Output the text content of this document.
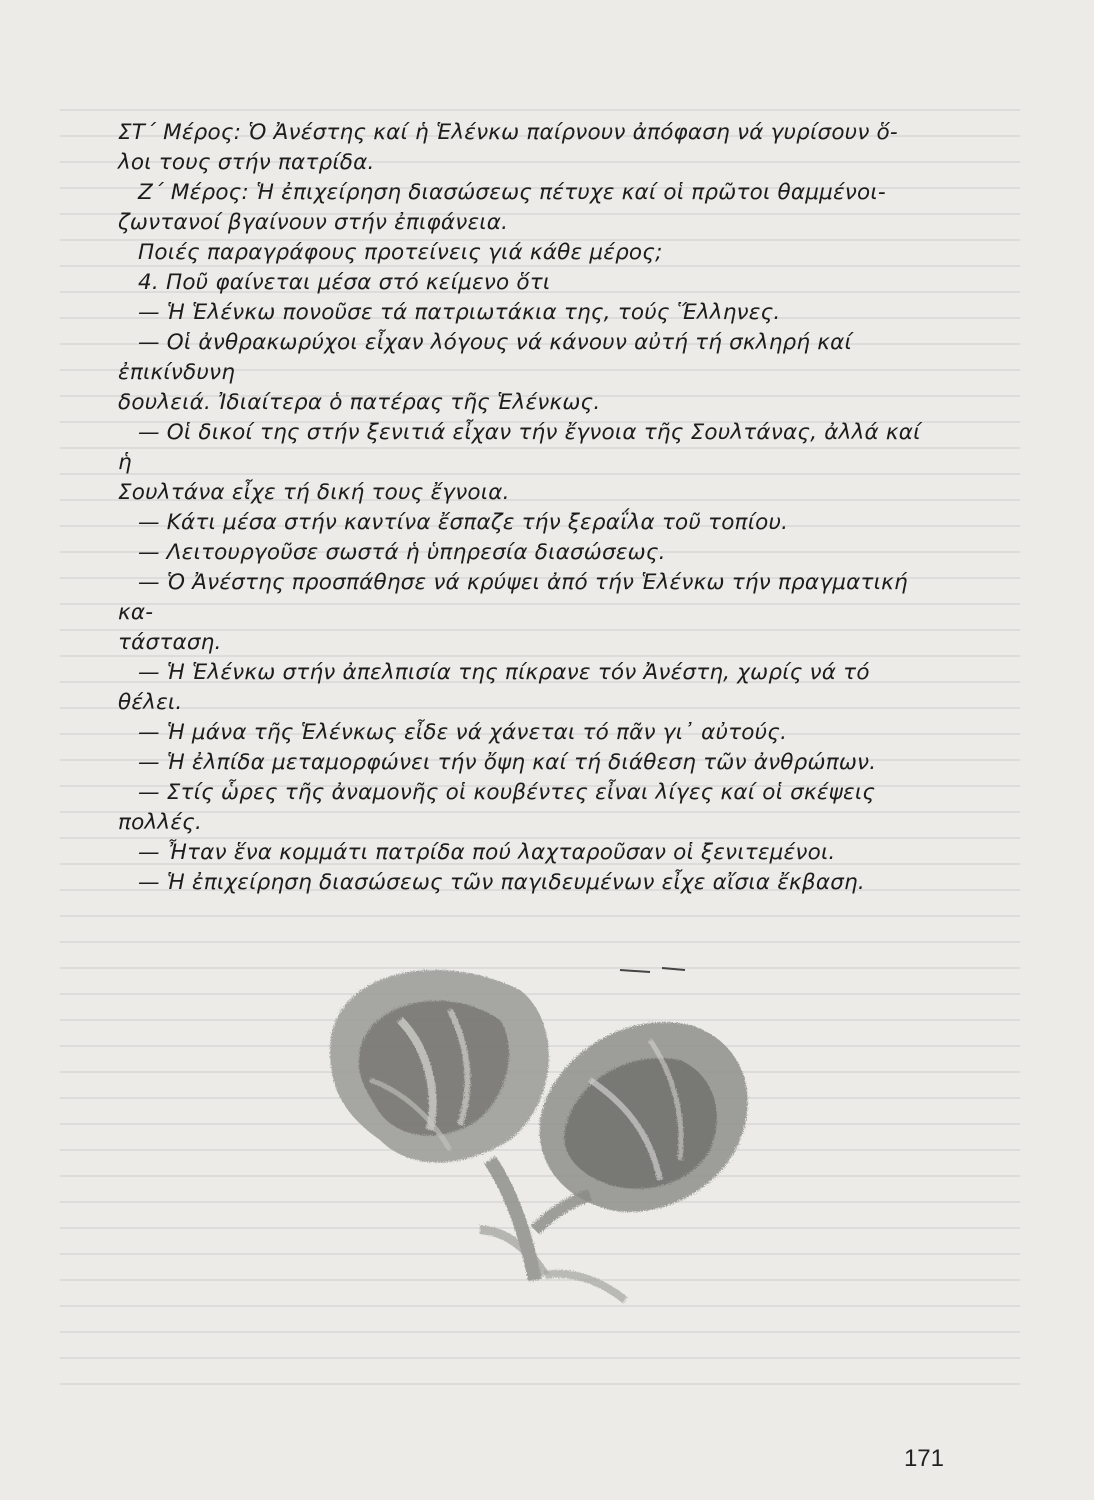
ΣΤ΄ Μέρος: Ὁ Ἀνέστης καί ἡ Ἑλένκω παίρνουν ἀπόφαση νά γυρίσουν ὅ-

λοι τους στήν πατρίδα.

Ζ΄ Μέρος: Ἡ ἐπιχείρηση διασώσεως πέτυχε καί οἱ πρῶτοι θαμμένοι-

ζωντανοί βγαίνουν στήν ἐπιφάνεια.

Ποιές παραγράφους προτείνεις γιά κάθε μέρος;

4. Ποῦ φαίνεται μέσα στό κείμενο ὅτι

— Ἡ Ἑλένκω πονοῦσε τά πατριωτάκια της, τούς Ἕλληνες.

— Οἱ ἀνθρακωρύχοι εἶχαν λόγους νά κάνουν αὐτή τή σκληρή καί ἐπικίνδυνη

δουλειά. Ἰδιαίτερα ὁ πατέρας τῆς Ἑλένκως.

— Οἱ δικοί της στήν ξενιτιά εἶχαν τήν ἔγνοια τῆς Σουλτάνας, ἀλλά καί ἡ

Σουλτάνα εἶχε τή δική τους ἔγνοια.

— Κάτι μέσα στήν καντίνα ἔσπαζε τήν ξεραΐλα τοῦ τοπίου.

— Λειτουργοῦσε σωστά ἡ ὑπηρεσία διασώσεως.

— Ὁ Ἀνέστης προσπάθησε νά κρύψει ἀπό τήν Ἑλένκω τήν πραγματική κα-

τάσταση.

— Ἡ Ἑλένκω στήν ἀπελπισία της πίκρανε τόν Ἀνέστη, χωρίς νά τό θέλει.

— Ἡ μάνα τῆς Ἑλένκως εἶδε νά χάνεται τό πᾶν γι᾽ αὐτούς.

— Ἡ ἐλπίδα μεταμορφώνει τήν ὄψη καί τή διάθεση τῶν ἀνθρώπων.

— Στίς ὧρες τῆς ἀναμονῆς οἱ κουβέντες εἶναι λίγες καί οἱ σκέψεις πολλές.

— Ἦταν ἕνα κομμάτι πατρίδα πού λαχταροῦσαν οἱ ξενιτεμένοι.

— Ἡ ἐπιχείρηση διασώσεως τῶν παγιδευμένων εἶχε αἴσια ἔκβαση.

171
